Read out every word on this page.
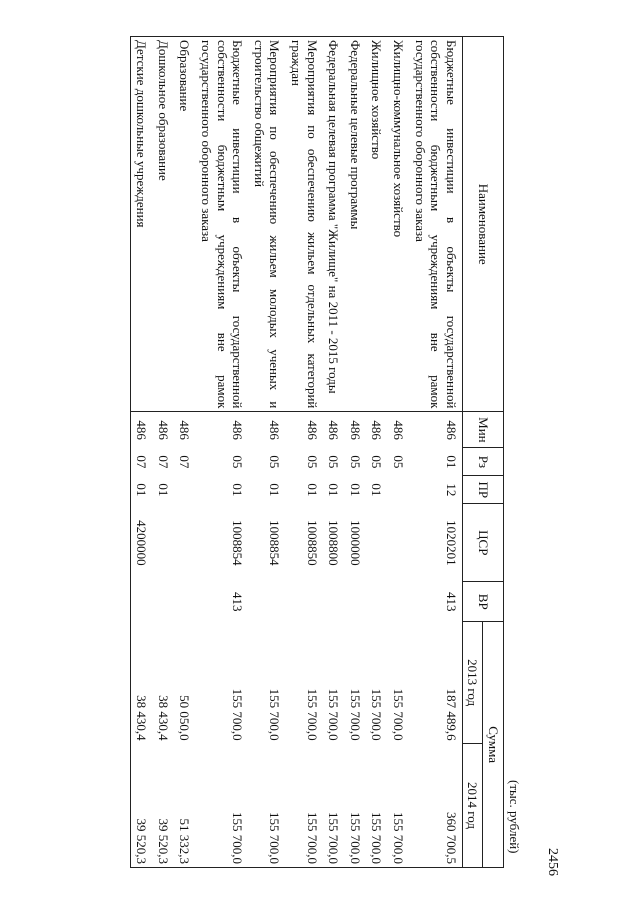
2456
(тыс. рублей)
Наименование	Мин	Рз	ПР	ЦСР	ВР	Сумма	
						2013 год	2014 год
Бюджетные инвестиции в объекты государственной собственности бюджетным учреждениям вне рамок государственного оборонного заказа	486	01	12	1020201	413	187 489,6	360 700,5
Жилищно-коммунальное хозяйство	486	05				155 700,0	155 700,0
Жилищное хозяйство	486	05	01			155 700,0	155 700,0
Федеральные целевые программы	486	05	01	1000000		155 700,0	155 700,0
Федеральная целевая программа "Жилище" на 2011 - 2015 годы	486	05	01	1008800		155 700,0	155 700,0
Мероприятия по обеспечению жильем отдельных категорий граждан	486	05	01	1008850		155 700,0	155 700,0
Мероприятия по обеспечению жильем молодых ученых и строительство общежитий	486	05	01	1008854		155 700,0	155 700,0
Бюджетные инвестиции в объекты государственной собственности бюджетным учреждениям вне рамок государственного оборонного заказа	486	05	01	1008854	413	155 700,0	155 700,0
Образование	486	07				50 050,0	51 332,3
Дошкольное образование	486	07	01			38 430,4	39 520,3
Детские дошкольные учреждения	486	07	01	4200000		38 430,4	39 520,3
